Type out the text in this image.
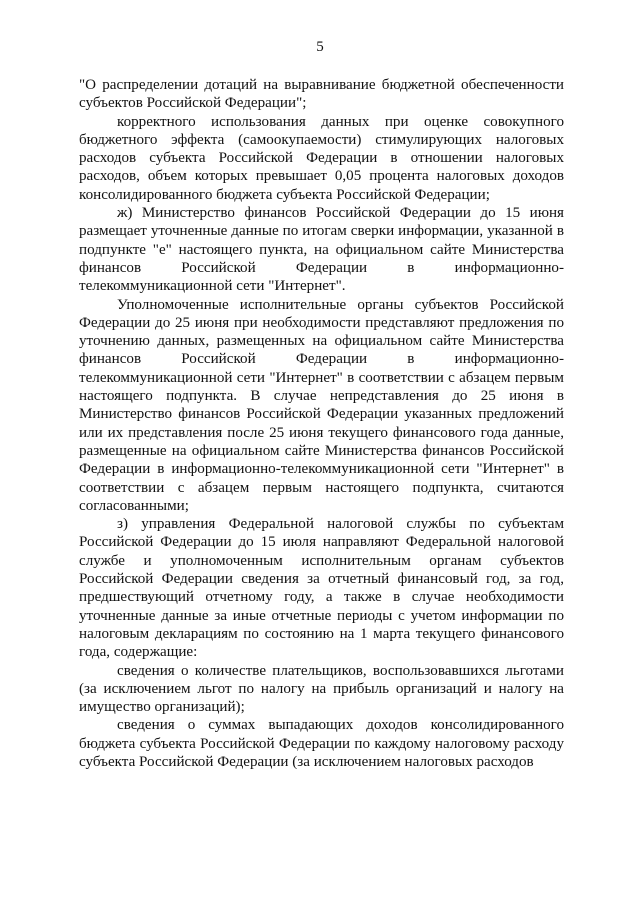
5

"О распределении дотаций на выравнивание бюджетной обеспеченности субъектов Российской Федерации";

корректного использования данных при оценке совокупного бюджетного эффекта (самоокупаемости) стимулирующих налоговых расходов субъекта Российской Федерации в отношении налоговых расходов, объем которых превышает 0,05 процента налоговых доходов консолидированного бюджета субъекта Российской Федерации;

ж) Министерство финансов Российской Федерации до 15 июня размещает уточненные данные по итогам сверки информации, указанной в подпункте "е" настоящего пункта, на официальном сайте Министерства финансов Российской Федерации в информационно-телекоммуникационной сети "Интернет".

Уполномоченные исполнительные органы субъектов Российской Федерации до 25 июня при необходимости представляют предложения по уточнению данных, размещенных на официальном сайте Министерства финансов Российской Федерации в информационно-телекоммуникационной сети "Интернет" в соответствии с абзацем первым настоящего подпункта. В случае непредставления до 25 июня в Министерство финансов Российской Федерации указанных предложений или их представления после 25 июня текущего финансового года данные, размещенные на официальном сайте Министерства финансов Российской Федерации в информационно-телекоммуникационной сети "Интернет" в соответствии с абзацем первым настоящего подпункта, считаются согласованными;

з) управления Федеральной налоговой службы по субъектам Российской Федерации до 15 июля направляют Федеральной налоговой службе и уполномоченным исполнительным органам субъектов Российской Федерации сведения за отчетный финансовый год, за год, предшествующий отчетному году, а также в случае необходимости уточненные данные за иные отчетные периоды с учетом информации по налоговым декларациям по состоянию на 1 марта текущего финансового года, содержащие:

сведения о количестве плательщиков, воспользовавшихся льготами (за исключением льгот по налогу на прибыль организаций и налогу на имущество организаций);

сведения о суммах выпадающих доходов консолидированного бюджета субъекта Российской Федерации по каждому налоговому расходу субъекта Российской Федерации (за исключением налоговых расходов
